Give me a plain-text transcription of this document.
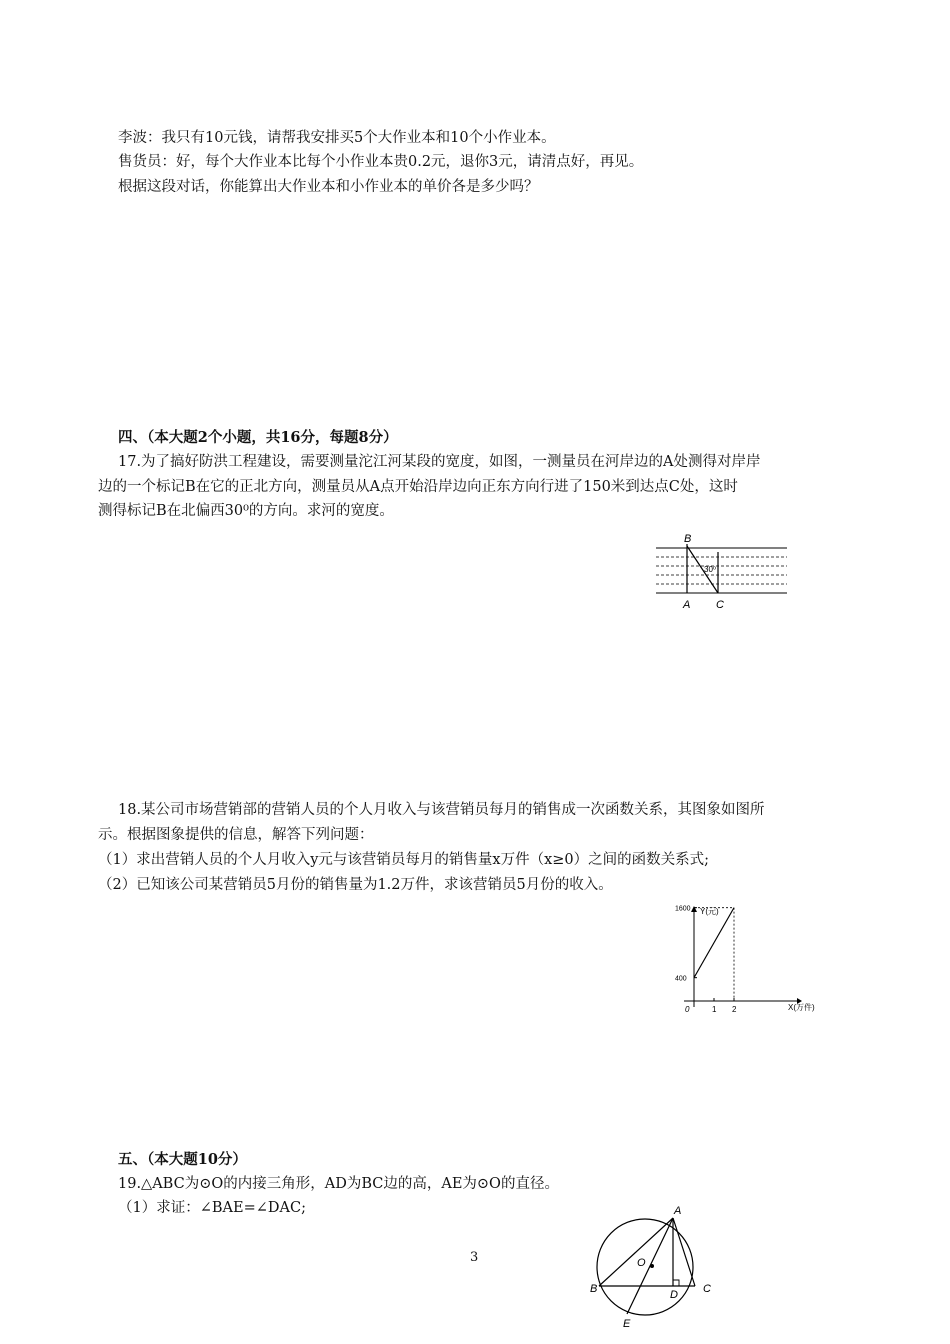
李波：我只有10元钱，请帮我安排买5个大作业本和10个小作业本。
售货员：好，每个大作业本比每个小作业本贵0.2元，退你3元，请清点好，再见。
根据这段对话，你能算出大作业本和小作业本的单价各是多少吗？
四、（本大题2个小题，共16分，每题8分）
17.为了搞好防洪工程建设，需要测量沱江河某段的宽度，如图，一测量员在河岸边的A处测得对岸岸
边的一个标记B在它的正北方向，测量员从A点开始沿岸边向正东方向行进了150米到达点C处，这时
测得标记B在北偏西30⁰的方向。求河的宽度。
B
A C
30⁰
18.某公司市场营销部的营销人员的个人月收入与该营销员每月的销售成一次函数关系，其图象如图所
示。根据图象提供的信息，解答下列问题：
（1）求出营销人员的个人月收入y元与该营销员每月的销售量x万件（x≥0）之间的函数关系式;
（2）已知该公司某营销员5月份的销售量为1.2万件，求该营销员5月份的收入。
1 2
400
1600 Y(元)
X(万件)
0
五、（本大题10分）
19.△ABC为⊙O的内接三角形，AD为BC边的高，AE为⊙O的直径。
（1）求证：∠BAE=∠DAC;	A
B	C
D
E
O
3
